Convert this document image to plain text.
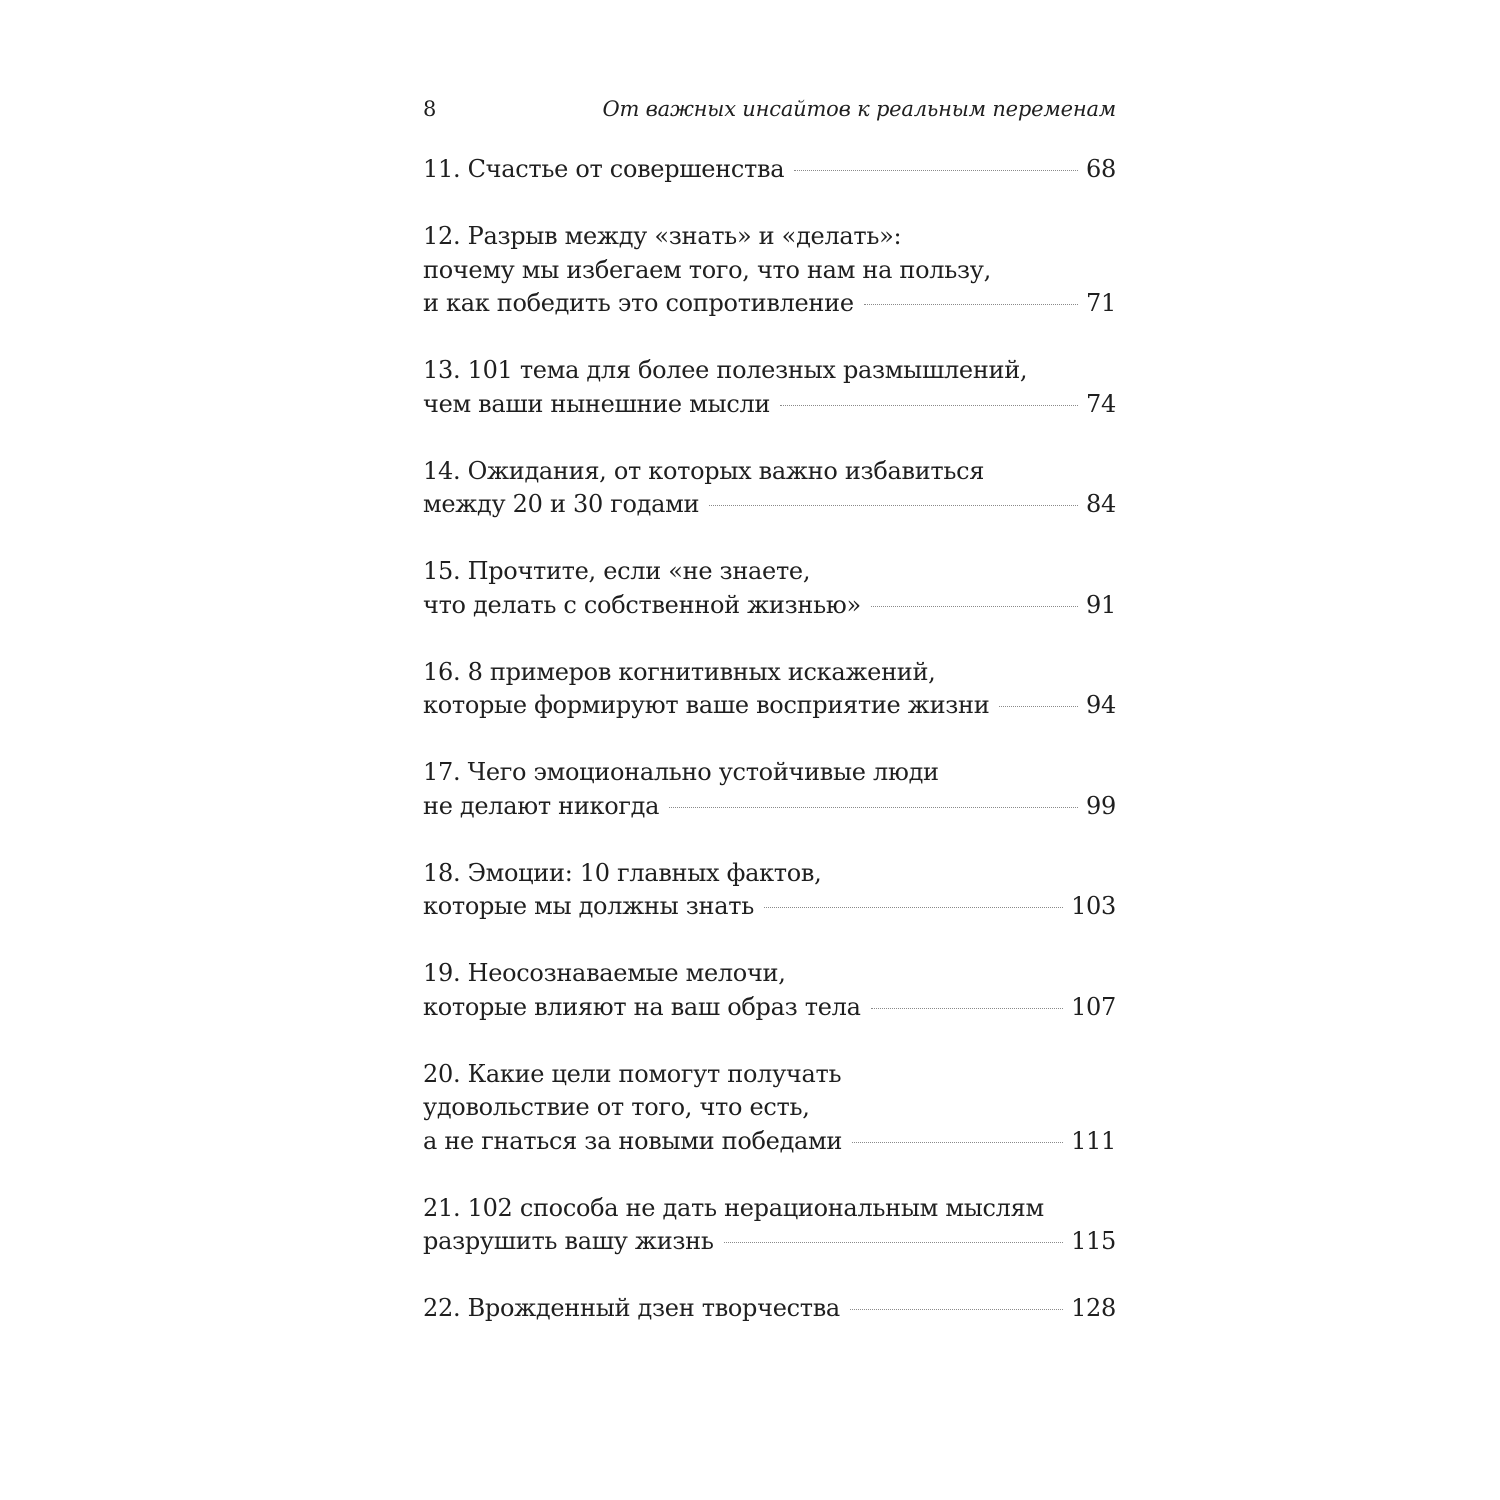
8	От важных инсайтов к реальным переменам
11. Счастье от совершенства	68
12. Разрыв между «знать» и «делать»:
почему мы избегаем того, что нам на пользу,
и как победить это сопротивление	71
13. 101 тема для более полезных размышлений,
чем ваши нынешние мысли	74
14. Ожидания, от которых важно избавиться
между 20 и 30 годами	84
15. Прочтите, если «не знаете,
что делать с собственной жизнью»	91
16. 8 примеров когнитивных искажений,
которые формируют ваше восприятие жизни	94
17. Чего эмоционально устойчивые люди
не делают никогда	99
18. Эмоции: 10 главных фактов,
которые мы должны знать	103
19. Неосознаваемые мелочи,
которые влияют на ваш образ тела	107
20. Какие цели помогут получать
удовольствие от того, что есть,
а не гнаться за новыми победами	111
21. 102 способа не дать нерациональным мыслям
разрушить вашу жизнь	115
22. Врожденный дзен творчества	128
